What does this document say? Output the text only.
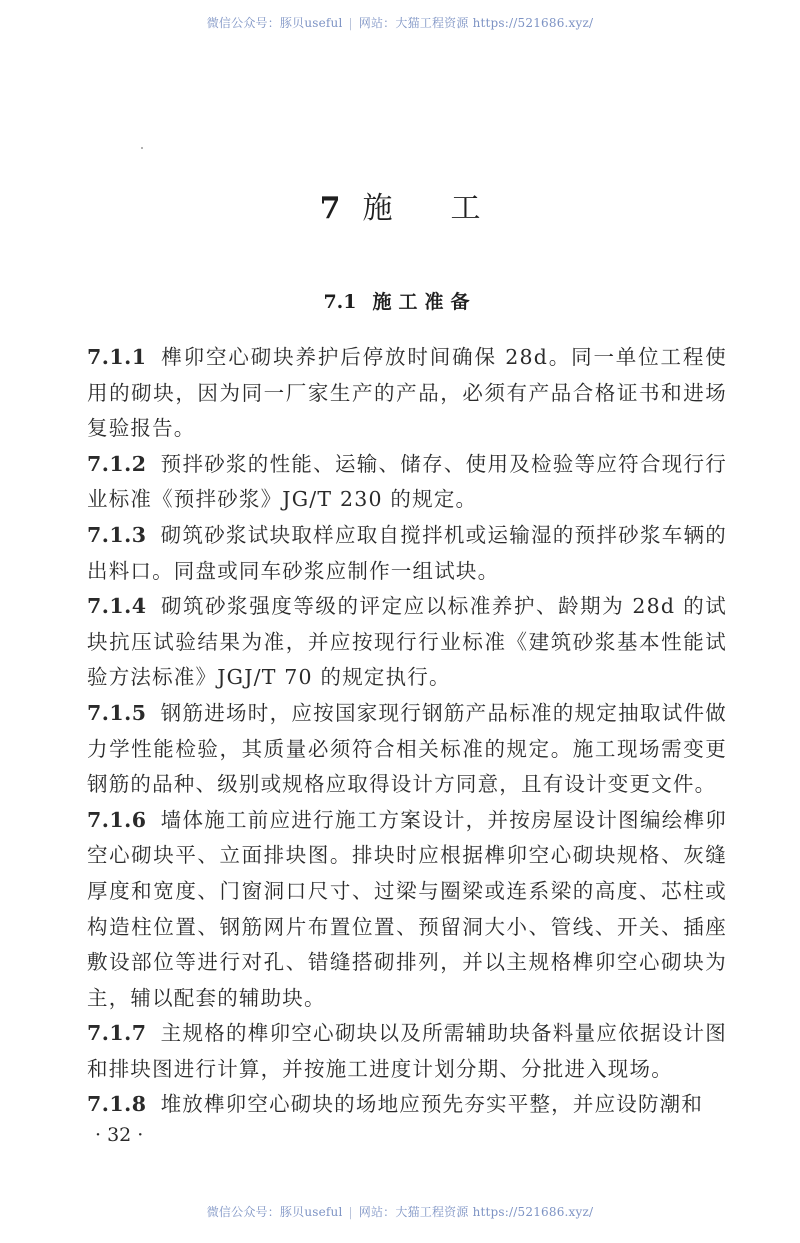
微信公众号：豚贝useful | 网站：大猫工程资源 https://521686.xyz/
7 施 工
7.1 施工准备

7.1.1 榫卯空心砌块养护后停放时间确保 28d。同一单位工程使用的砌块，因为同一厂家生产的产品，必须有产品合格证书和进场复验报告。

7.1.2 预拌砂浆的性能、运输、储存、使用及检验等应符合现行行业标准《预拌砂浆》JG/T 230 的规定。

7.1.3 砌筑砂浆试块取样应取自搅拌机或运输湿的预拌砂浆车辆的出料口。同盘或同车砂浆应制作一组试块。

7.1.4 砌筑砂浆强度等级的评定应以标准养护、龄期为 28d 的试块抗压试验结果为准，并应按现行行业标准《建筑砂浆基本性能试验方法标准》JGJ/T 70 的规定执行。

7.1.5 钢筋进场时，应按国家现行钢筋产品标准的规定抽取试件做力学性能检验，其质量必须符合相关标准的规定。施工现场需变更钢筋的品种、级别或规格应取得设计方同意，且有设计变更文件。

7.1.6 墙体施工前应进行施工方案设计，并按房屋设计图编绘榫卯空心砌块平、立面排块图。排块时应根据榫卯空心砌块规格、灰缝厚度和宽度、门窗洞口尺寸、过梁与圈梁或连系梁的高度、芯柱或构造柱位置、钢筋网片布置位置、预留洞大小、管线、开关、插座敷设部位等进行对孔、错缝搭砌排列，并以主规格榫卯空心砌块为主，辅以配套的辅助块。

7.1.7 主规格的榫卯空心砌块以及所需辅助块备料量应依据设计图和排块图进行计算，并按施工进度计划分期、分批进入现场。

7.1.8 堆放榫卯空心砌块的场地应预先夯实平整，并应设防潮和

· 32 ·
微信公众号：豚贝useful | 网站：大猫工程资源 https://521686.xyz/
